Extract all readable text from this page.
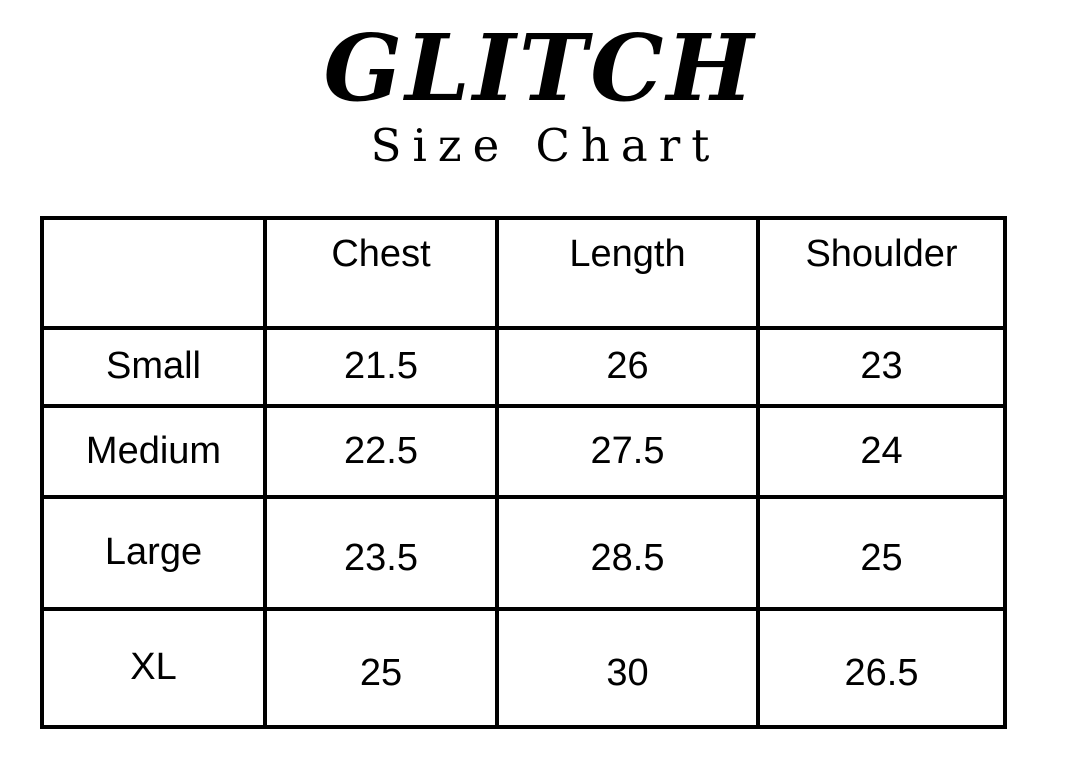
GLITCH
Size Chart
	Chest	Length	Shoulder
Small	21.5	26	23
Medium	22.5	27.5	24
Large	23.5	28.5	25
XL	25	30	26.5
